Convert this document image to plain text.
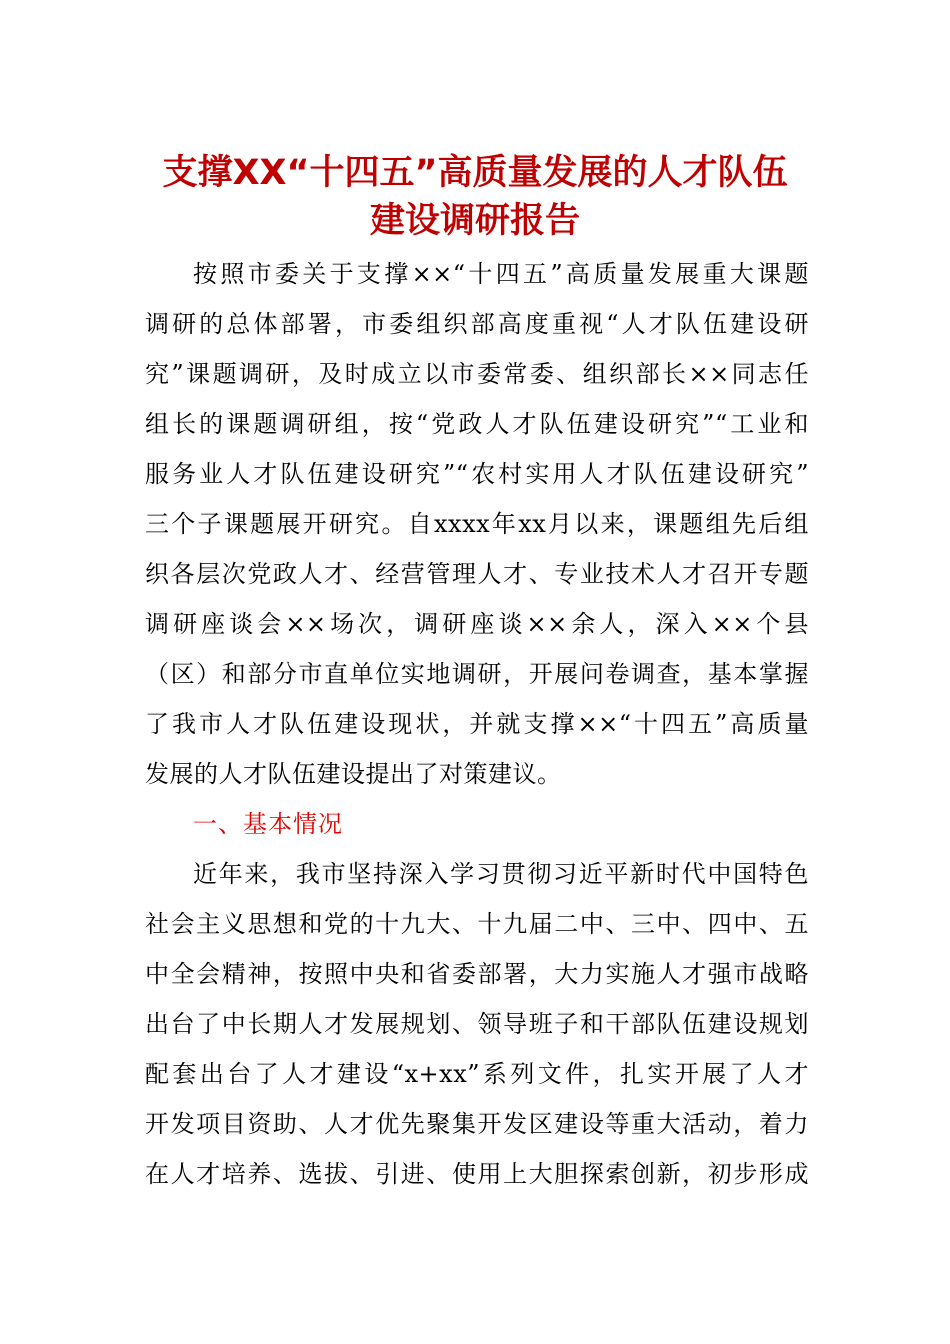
支撑XX“十四五”高质量发展的人才队伍
建设调研报告
按照市委关于支撑××“十四五”高质量发展重大课题
调研的总体部署，市委组织部高度重视“人才队伍建设研
究”课题调研，及时成立以市委常委、组织部长××同志任
组长的课题调研组，按“党政人才队伍建设研究”“工业和
服务业人才队伍建设研究”“农村实用人才队伍建设研究”
三个子课题展开研究。自xxxx年xx月以来，课题组先后组
织各层次党政人才、经营管理人才、专业技术人才召开专题
调研座谈会××场次，调研座谈××余人，深入××个县
（区）和部分市直单位实地调研，开展问卷调查，基本掌握
了我市人才队伍建设现状，并就支撑××“十四五”高质量
发展的人才队伍建设提出了对策建议。
一、基本情况
近年来，我市坚持深入学习贯彻习近平新时代中国特色
社会主义思想和党的十九大、十九届二中、三中、四中、五
中全会精神，按照中央和省委部署，大力实施人才强市战略
出台了中长期人才发展规划、领导班子和干部队伍建设规划
配套出台了人才建设“x+xx”系列文件，扎实开展了人才
开发项目资助、人才优先聚集开发区建设等重大活动，着力
在人才培养、选拔、引进、使用上大胆探索创新，初步形成
